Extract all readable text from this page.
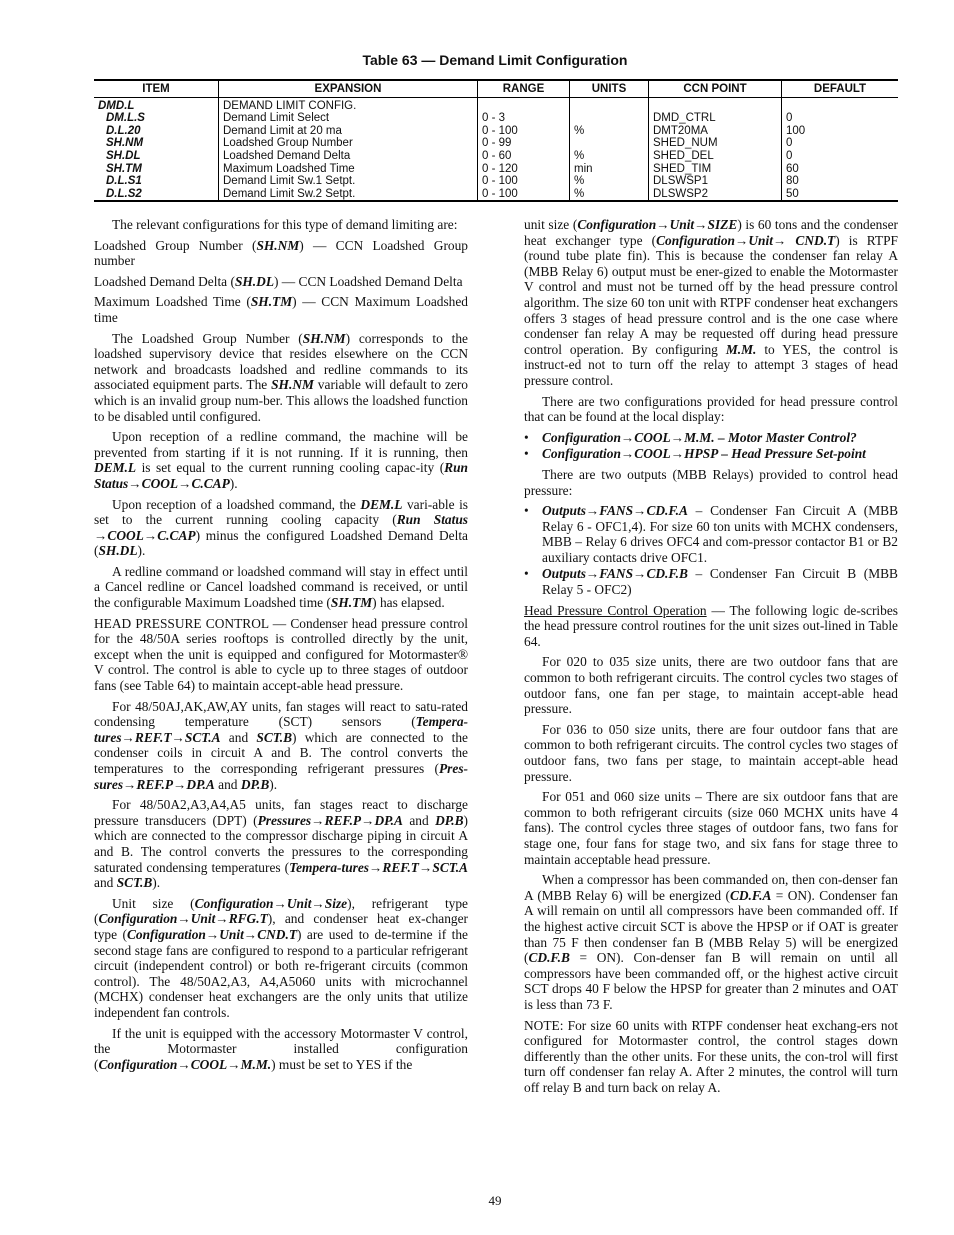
Table 63 — Demand Limit Configuration
ITEM	EXPANSION	RANGE	UNITS	CCN POINT	DEFAULT
DMD.L	DEMAND LIMIT CONFIG.				
DM.L.S	Demand Limit Select	0 - 3		DMD_CTRL	0
D.L.20	Demand Limit at 20 ma	0 - 100	%	DMT20MA	100
SH.NM	Loadshed Group Number	0 - 99		SHED_NUM	0
SH.DL	Loadshed Demand Delta	0 - 60	%	SHED_DEL	0
SH.TM	Maximum Loadshed Time	0 - 120	min	SHED_TIM	60
D.L.S1	Demand Limit Sw.1 Setpt.	0 - 100	%	DLSWSP1	80
D.L.S2	Demand Limit Sw.2 Setpt.	0 - 100	%	DLSWSP2	50

The relevant configurations for this type of demand limiting are:

Loadshed Group Number (SH.NM) — CCN Loadshed Group number

Loadshed Demand Delta (SH.DL) — CCN Loadshed Demand Delta

Maximum Loadshed Time (SH.TM) — CCN Maximum Loadshed time

The Loadshed Group Number (SH.NM) corresponds to the loadshed supervisory device that resides elsewhere on the CCN network and broadcasts loadshed and redline commands to its associated equipment parts. The SH.NM variable will default to zero which is an invalid group num-ber. This allows the loadshed function to be disabled until configured.

Upon reception of a redline command, the machine will be prevented from starting if it is not running. If it is running, then DEM.L is set equal to the current running cooling capac-ity (Run Status→COOL→C.CAP).

Upon reception of a loadshed command, the DEM.L vari-able is set to the current running cooling capacity (Run Status →COOL→C.CAP) minus the configured Loadshed Demand Delta (SH.DL).

A redline command or loadshed command will stay in effect until a Cancel redline or Cancel loadshed command is received, or until the configurable Maximum Loadshed time (SH.TM) has elapsed.

HEAD PRESSURE CONTROL — Condenser head pressure control for the 48/50A series rooftops is controlled directly by the unit, except when the unit is equipped and configured for Motormaster® V control. The control is able to cycle up to three stages of outdoor fans (see Table 64) to maintain accept-able head pressure.

For 48/50AJ,AK,AW,AY units, fan stages will react to satu-rated condensing temperature (SCT) sensors (Tempera-tures→REF.T→SCT.A and SCT.B) which are connected to the condenser coils in circuit A and B. The control converts the temperatures to the corresponding refrigerant pressures (Pres-sures→REF.P→DP.A and DP.B).

For 48/50A2,A3,A4,A5 units, fan stages react to discharge pressure transducers (DPT) (Pressures→REF.P→DP.A and DP.B) which are connected to the compressor discharge piping in circuit A and B. The control converts the pressures to the corresponding saturated condensing temperatures (Tempera-tures→REF.T→SCT.A and SCT.B).

Unit size (Configuration→Unit→Size), refrigerant type (Configuration→Unit→RFG.T), and condenser heat ex-changer type (Configuration→Unit→CND.T) are used to de-termine if the second stage fans are configured to respond to a particular refrigerant circuit (independent control) or both re-frigerant circuits (common control). The 48/50A2,A3, A4,A5060 units with microchannel (MCHX) condenser heat exchangers are the only units that utilize independent fan controls.

If the unit is equipped with the accessory Motormaster V control, the Motormaster installed configuration (Configuration→COOL→M.M.) must be set to YES if the

unit size (Configuration→Unit→SIZE) is 60 tons and the condenser heat exchanger type (Configuration→Unit→ CND.T) is RTPF (round tube plate fin). This is because the condenser fan relay A (MBB Relay 6) output must be ener-gized to enable the Motormaster V control and must not be turned off by the head pressure control algorithm. The size 60 ton unit with RTPF condenser heat exchangers offers 3 stages of head pressure control and is the one case where condenser fan relay A may be requested off during head pressure control operation. By configuring M.M. to YES, the control is instruct-ed not to turn off the relay to attempt 3 stages of head pressure control.

There are two configurations provided for head pressure control that can be found at the local display:

• Configuration→COOL→M.M. – Motor Master Control?
• Configuration→COOL→HPSP – Head Pressure Set-point

There are two outputs (MBB Relays) provided to control head pressure:

• Outputs→FANS→CD.F.A – Condenser Fan Circuit A (MBB Relay 6 - OFC1,4). For size 60 ton units with MCHX condensers, MBB – Relay 6 drives OFC4 and com-pressor contactor B1 or B2 auxiliary contacts drive OFC1.
• Outputs→FANS→CD.F.B – Condenser Fan Circuit B (MBB Relay 5 - OFC2)

Head Pressure Control Operation — The following logic de-scribes the head pressure control routines for the unit sizes out-lined in Table 64.

For 020 to 035 size units, there are two outdoor fans that are common to both refrigerant circuits. The control cycles two stages of outdoor fans, one fan per stage, to maintain accept-able head pressure.

For 036 to 050 size units, there are four outdoor fans that are common to both refrigerant circuits. The control cycles two stages of outdoor fans, two fans per stage, to maintain accept-able head pressure.

For 051 and 060 size units – There are six outdoor fans that are common to both refrigerant circuits (size 060 MCHX units have 4 fans). The control cycles three stages of outdoor fans, two fans for stage one, four fans for stage two, and six fans for stage three to maintain acceptable head pressure.

When a compressor has been commanded on, then con-denser fan A (MBB Relay 6) will be energized (CD.F.A = ON). Condenser fan A will remain on until all compressors have been commanded off. If the highest active circuit SCT is above the HPSP or if OAT is greater than 75 F then condenser fan B (MBB Relay 5) will be energized (CD.F.B = ON). Con-denser fan B will remain on until all compressors have been commanded off, or the highest active circuit SCT drops 40 F below the HPSP for greater than 2 minutes and OAT is less than 73 F.

NOTE: For size 60 units with RTPF condenser heat exchang-ers not configured for Motormaster control, the control stages down differently than the other units. For these units, the con-trol will first turn off condenser fan relay A. After 2 minutes, the control will turn off relay B and turn back on relay A.

49
